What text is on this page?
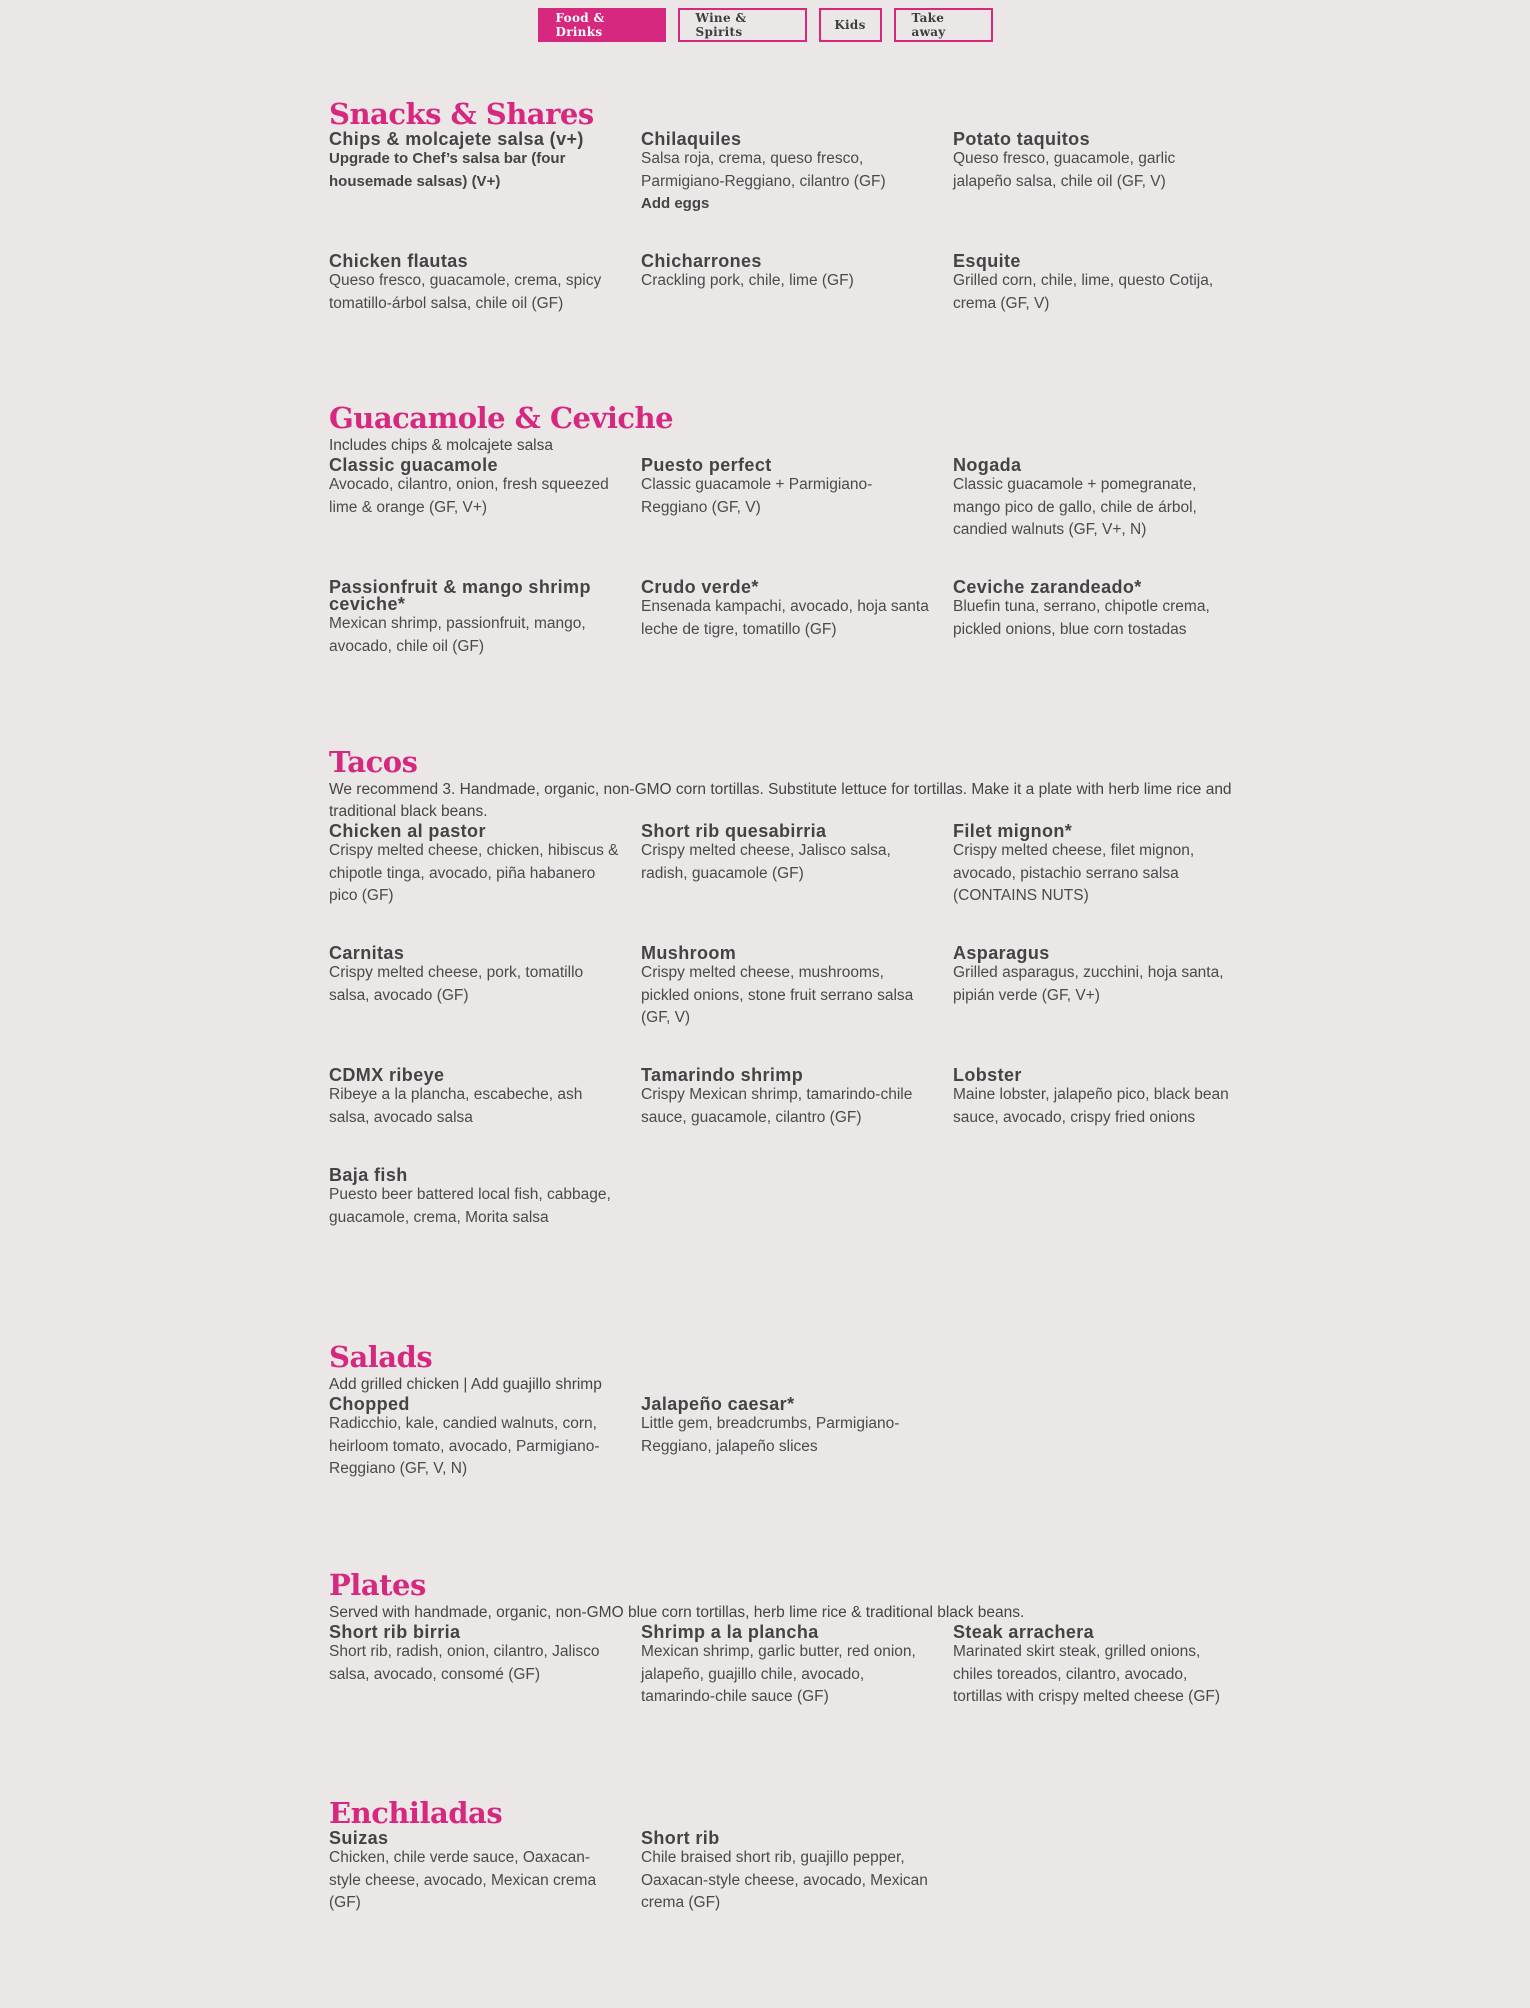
Food & Drinks
Wine & Spirits	Kids	Take away
Snacks & Shares

Chips & molcajete salsa (v+)

Upgrade to Chef’s salsa bar (four housemade salsas) (V+)

Chilaquiles

Salsa roja, crema, queso fresco, Parmigiano-Reggiano, cilantro (GF)

Add eggs

Potato taquitos

Queso fresco, guacamole, garlic jalapeño salsa, chile oil (GF, V)

Chicken flautas

Queso fresco, guacamole, crema, spicy tomatillo-árbol salsa, chile oil (GF)

Chicharrones

Crackling pork, chile, lime (GF)

Esquite

Grilled corn, chile, lime, questo Cotija, crema (GF, V)

Guacamole & Ceviche

Includes chips & molcajete salsa

Classic guacamole

Avocado, cilantro, onion, fresh squeezed lime & orange (GF, V+)

Puesto perfect

Classic guacamole + Parmigiano-Reggiano (GF, V)

Nogada

Classic guacamole + pomegranate, mango pico de gallo, chile de árbol, candied walnuts (GF, V+, N)

Passionfruit & mango shrimp ceviche*

Mexican shrimp, passionfruit, mango, avocado, chile oil (GF)

Crudo verde*

Ensenada kampachi, avocado, hoja santa leche de tigre, tomatillo (GF)

Ceviche zarandeado*

Bluefin tuna, serrano, chipotle crema, pickled onions, blue corn tostadas

Tacos

We recommend 3. Handmade, organic, non-GMO corn tortillas. Substitute lettuce for tortillas. Make it a plate with herb lime rice and traditional black beans.

Chicken al pastor

Crispy melted cheese, chicken, hibiscus & chipotle tinga, avocado, piña habanero pico (GF)

Short rib quesabirria

Crispy melted cheese, Jalisco salsa, radish, guacamole (GF)

Filet mignon*

Crispy melted cheese, filet mignon, avocado, pistachio serrano salsa (CONTAINS NUTS)

Carnitas

Crispy melted cheese, pork, tomatillo salsa, avocado (GF)

Mushroom

Crispy melted cheese, mushrooms, pickled onions, stone fruit serrano salsa (GF, V)

Asparagus

Grilled asparagus, zucchini, hoja santa, pipián verde (GF, V+)

CDMX ribeye

Ribeye a la plancha, escabeche, ash salsa, avocado salsa

Tamarindo shrimp

Crispy Mexican shrimp, tamarindo-chile sauce, guacamole, cilantro (GF)

Lobster

Maine lobster, jalapeño pico, black bean sauce, avocado, crispy fried onions

Baja fish

Puesto beer battered local fish, cabbage, guacamole, crema, Morita salsa

Salads

Add grilled chicken | Add guajillo shrimp

Chopped

Radicchio, kale, candied walnuts, corn, heirloom tomato, avocado, Parmigiano-Reggiano (GF, V, N)

Jalapeño caesar*

Little gem, breadcrumbs, Parmigiano-Reggiano, jalapeño slices

Plates

Served with handmade, organic, non-GMO blue corn tortillas, herb lime rice & traditional black beans.

Short rib birria

Short rib, radish, onion, cilantro, Jalisco salsa, avocado, consomé (GF)

Shrimp a la plancha

Mexican shrimp, garlic butter, red onion, jalapeño, guajillo chile, avocado, tamarindo-chile sauce (GF)

Steak arrachera

Marinated skirt steak, grilled onions, chiles toreados, cilantro, avocado, tortillas with crispy melted cheese (GF)

Enchiladas

Suizas

Chicken, chile verde sauce, Oaxacan-style cheese, avocado, Mexican crema (GF)

Short rib

Chile braised short rib, guajillo pepper, Oaxacan-style cheese, avocado, Mexican crema (GF)
